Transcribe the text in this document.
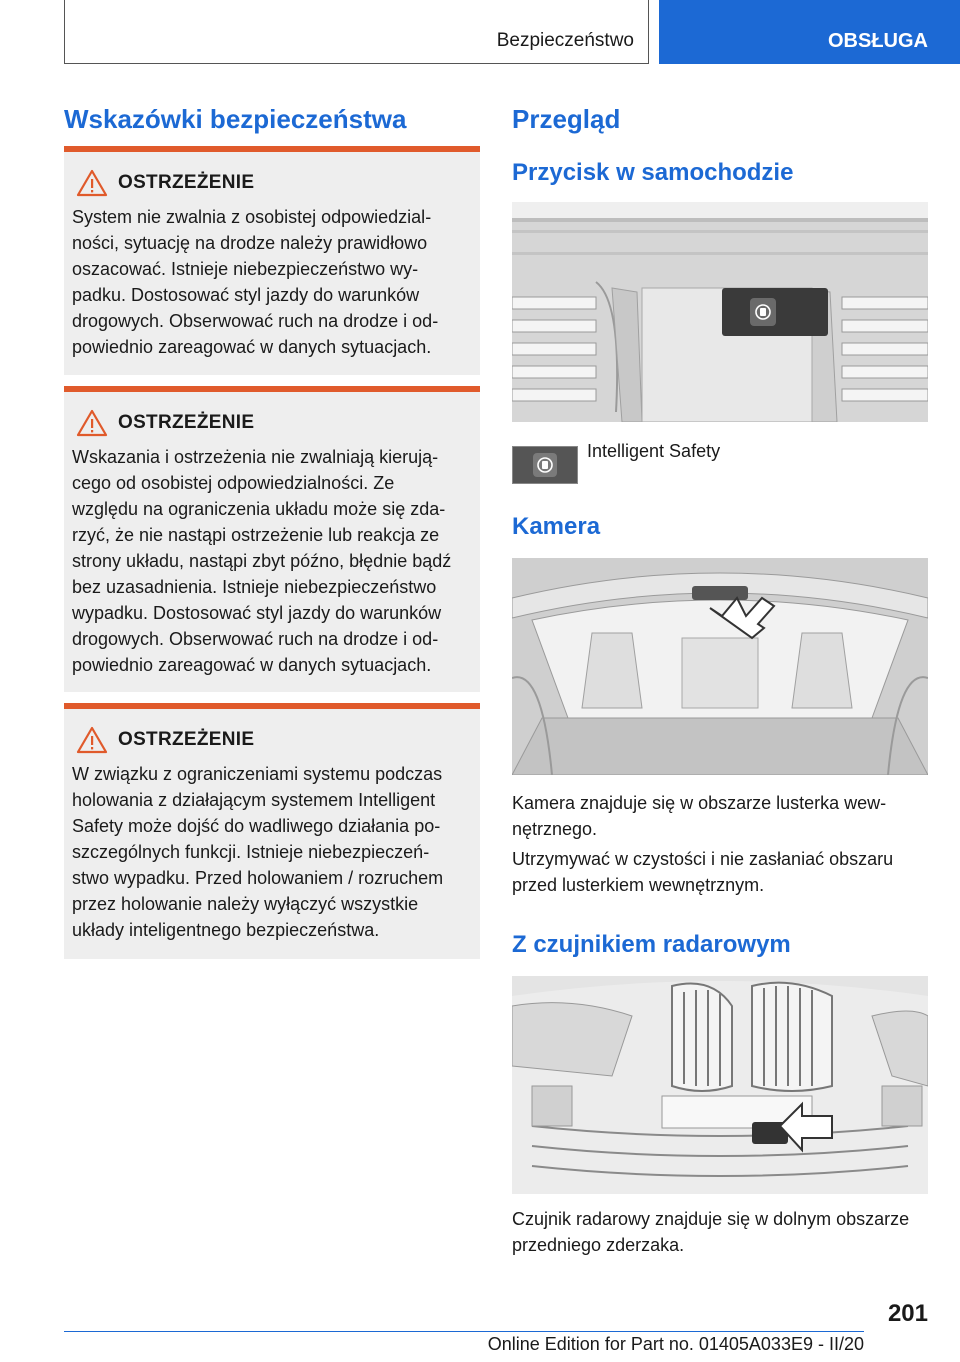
Bezpieczeństwo	OBSŁUGA
Wskazówki bezpieczeństwa
OSTRZEŻENIE
System nie zwalnia z osobistej odpowiedzialności, sytuację na drodze należy prawidłowo oszacować. Istnieje niebezpieczeństwo wypadku. Dostosować styl jazdy do warunków drogowych. Obserwować ruch na drodze i odpowiednio zareagować w danych sytuacjach.
OSTRZEŻENIE
Wskazania i ostrzeżenia nie zwalniają kierującego od osobistej odpowiedzialności. Ze względu na ograniczenia układu może się zdarzyć, że nie nastąpi ostrzeżenie lub reakcja ze strony układu, nastąpi zbyt późno, błędnie bądź bez uzasadnienia. Istnieje niebezpieczeństwo wypadku. Dostosować styl jazdy do warunków drogowych. Obserwować ruch na drodze i odpowiednio zareagować w danych sytuacjach.
OSTRZEŻENIE
W związku z ograniczeniami systemu podczas holowania z działającym systemem Intelligent Safety może dojść do wadliwego działania poszczególnych funkcji. Istnieje niebezpieczeństwo wypadku. Przed holowaniem / rozruchem przez holowanie należy wyłączyć wszystkie układy inteligentnego bezpieczeństwa.
Przegląd
Przycisk w samochodzie
Intelligent Safety
Kamera

Kamera znajduje się w obszarze lusterka wewnętrznego.

Utrzymywać w czystości i nie zasłaniać obszaru przed lusterkiem wewnętrznym.

Z czujnikiem radarowym

Czujnik radarowy znajduje się w dolnym obszarze przedniego zderzaka.

201
Online Edition for Part no. 01405A033E9 - II/20
